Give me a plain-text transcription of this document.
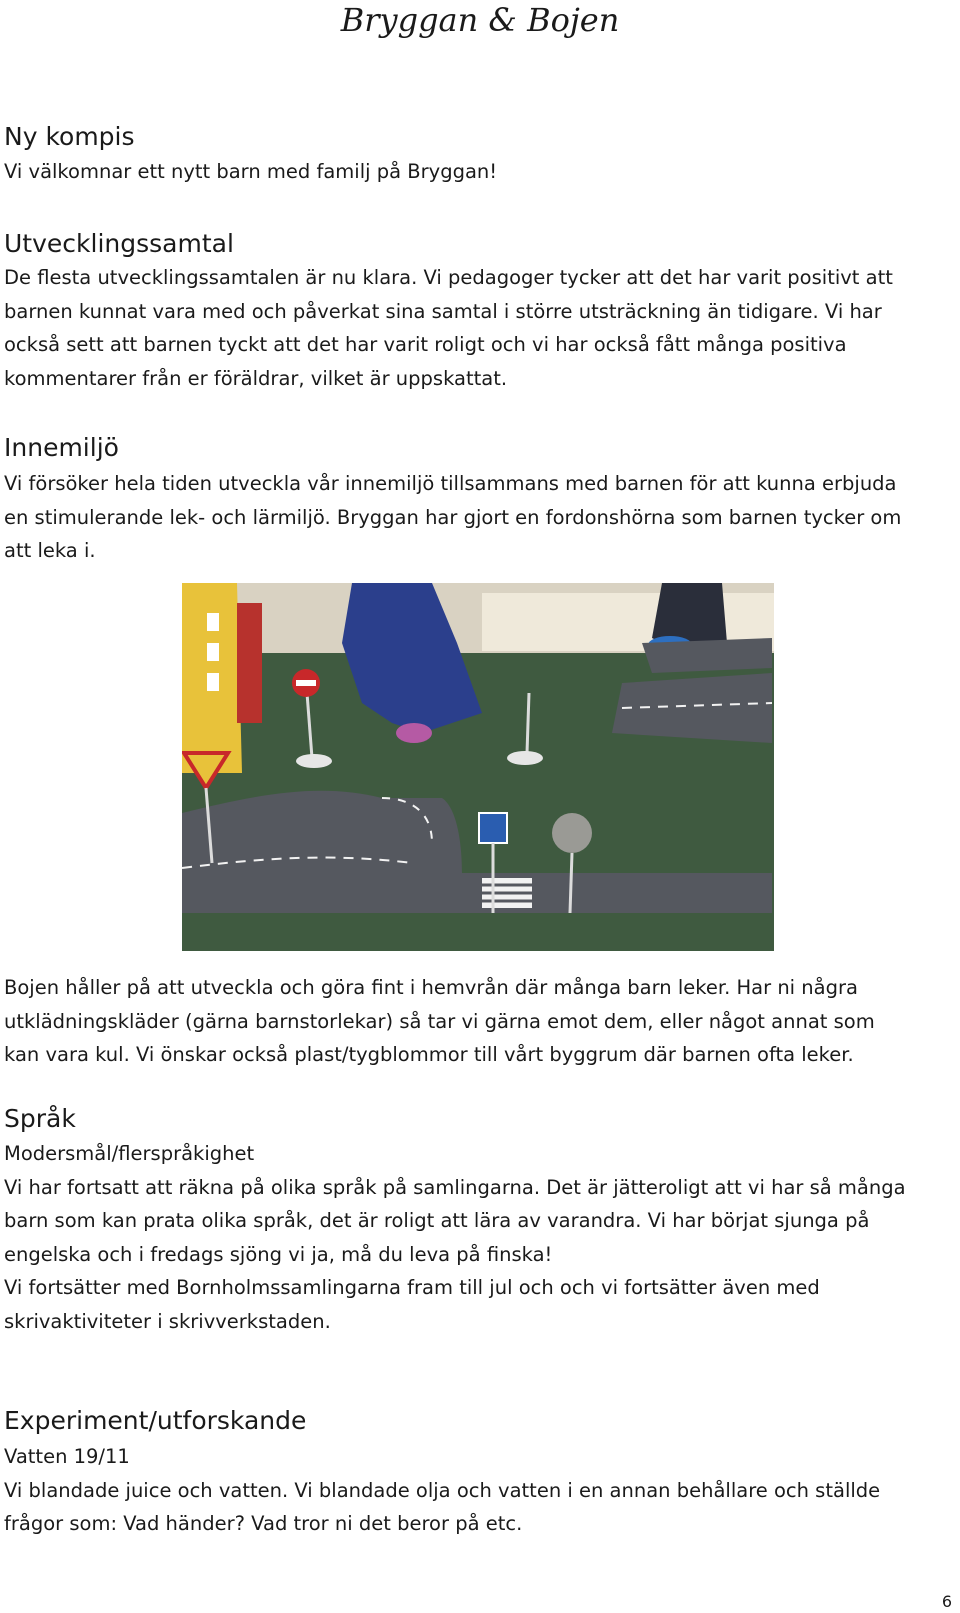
Bryggan & Bojen
Ny kompis
Vi välkomnar ett nytt barn med familj på Bryggan!
Utvecklingssamtal
De flesta utvecklingssamtalen är nu klara. Vi pedagoger tycker att det har varit positivt att
barnen kunnat vara med och påverkat sina samtal i större utsträckning än tidigare. Vi har
också sett att barnen tyckt att det har varit roligt och vi har också fått många positiva
kommentarer från er föräldrar, vilket är uppskattat.
Innemiljö
Vi försöker hela tiden utveckla vår innemiljö tillsammans med barnen för att kunna erbjuda
en stimulerande lek- och lärmiljö. Bryggan har gjort en fordonshörna som barnen tycker om
att leka i.
Bojen håller på att utveckla och göra fint i hemvrån där många barn leker. Har ni några
utklädningskläder (gärna barnstorlekar) så tar vi gärna emot dem, eller något annat som
kan vara kul. Vi önskar också plast/tygblommor till vårt byggrum där barnen ofta leker.
Språk
Modersmål/flerspråkighet
Vi har fortsatt att räkna på olika språk på samlingarna. Det är jätteroligt att vi har så många
barn som kan prata olika språk, det är roligt att lära av varandra. Vi har börjat sjunga på
engelska och i fredags sjöng vi ja, må du leva på finska!
Vi fortsätter med Bornholmssamlingarna fram till jul och och vi fortsätter även med
skrivaktiviteter i skrivverkstaden.
Experiment/utforskande
Vatten 19/11
Vi blandade juice och vatten. Vi blandade olja och vatten i en annan behållare och ställde
frågor som: Vad händer? Vad tror ni det beror på etc.
6
